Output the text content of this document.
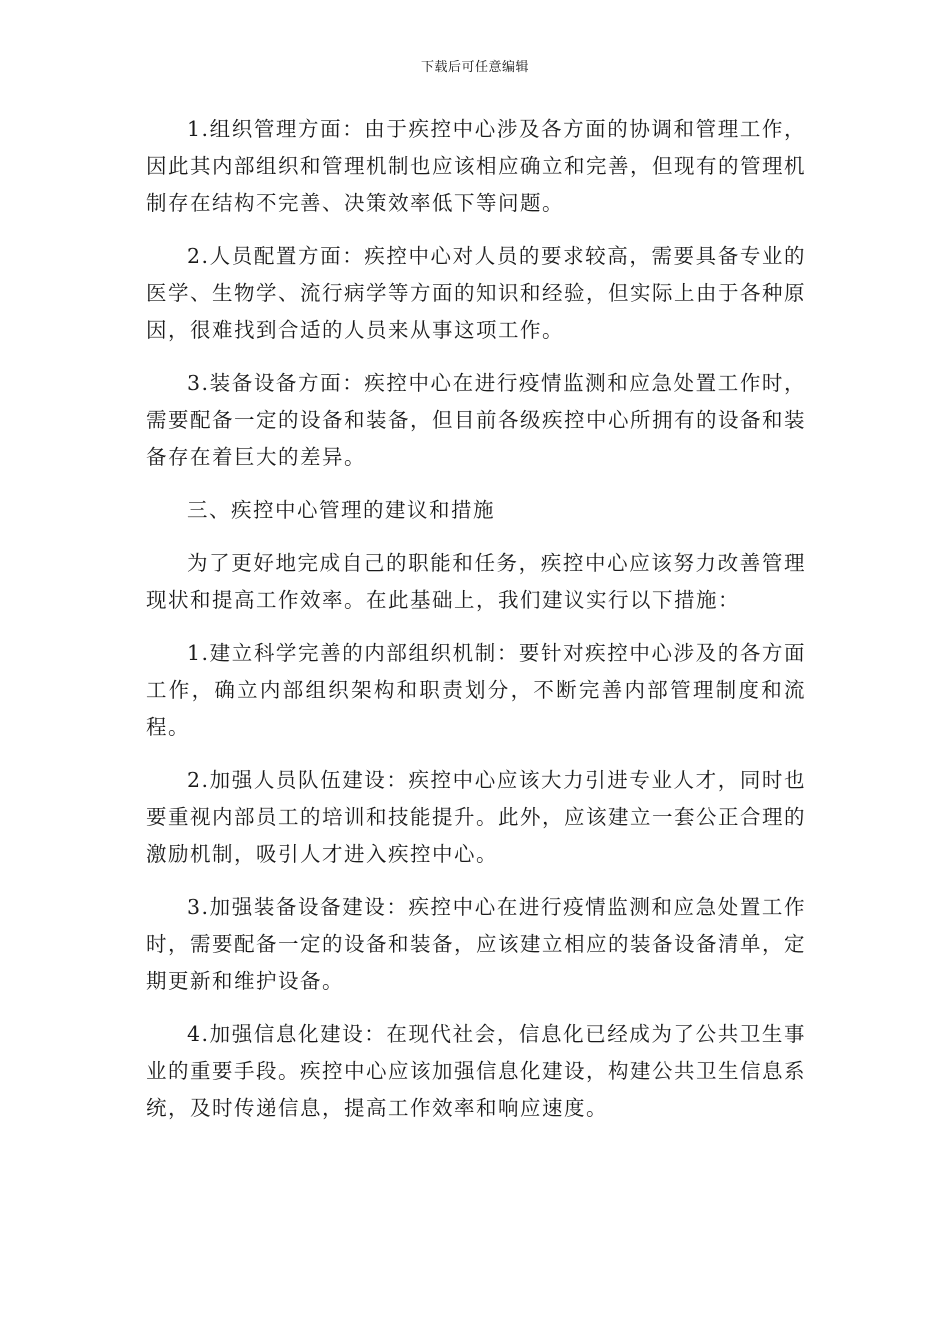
下载后可任意编辑

1.组织管理方面：由于疾控中心涉及各方面的协调和管理工作，因此其内部组织和管理机制也应该相应确立和完善，但现有的管理机制存在结构不完善、决策效率低下等问题。

2.人员配置方面：疾控中心对人员的要求较高，需要具备专业的医学、生物学、流行病学等方面的知识和经验，但实际上由于各种原因，很难找到合适的人员来从事这项工作。

3.装备设备方面：疾控中心在进行疫情监测和应急处置工作时，需要配备一定的设备和装备，但目前各级疾控中心所拥有的设备和装备存在着巨大的差异。

三、疾控中心管理的建议和措施

为了更好地完成自己的职能和任务，疾控中心应该努力改善管理现状和提高工作效率。在此基础上，我们建议实行以下措施：

1.建立科学完善的内部组织机制：要针对疾控中心涉及的各方面工作，确立内部组织架构和职责划分，不断完善内部管理制度和流程。

2.加强人员队伍建设：疾控中心应该大力引进专业人才，同时也要重视内部员工的培训和技能提升。此外，应该建立一套公正合理的激励机制，吸引人才进入疾控中心。

3.加强装备设备建设：疾控中心在进行疫情监测和应急处置工作时，需要配备一定的设备和装备，应该建立相应的装备设备清单，定期更新和维护设备。

4.加强信息化建设：在现代社会，信息化已经成为了公共卫生事业的重要手段。疾控中心应该加强信息化建设，构建公共卫生信息系统，及时传递信息，提高工作效率和响应速度。
